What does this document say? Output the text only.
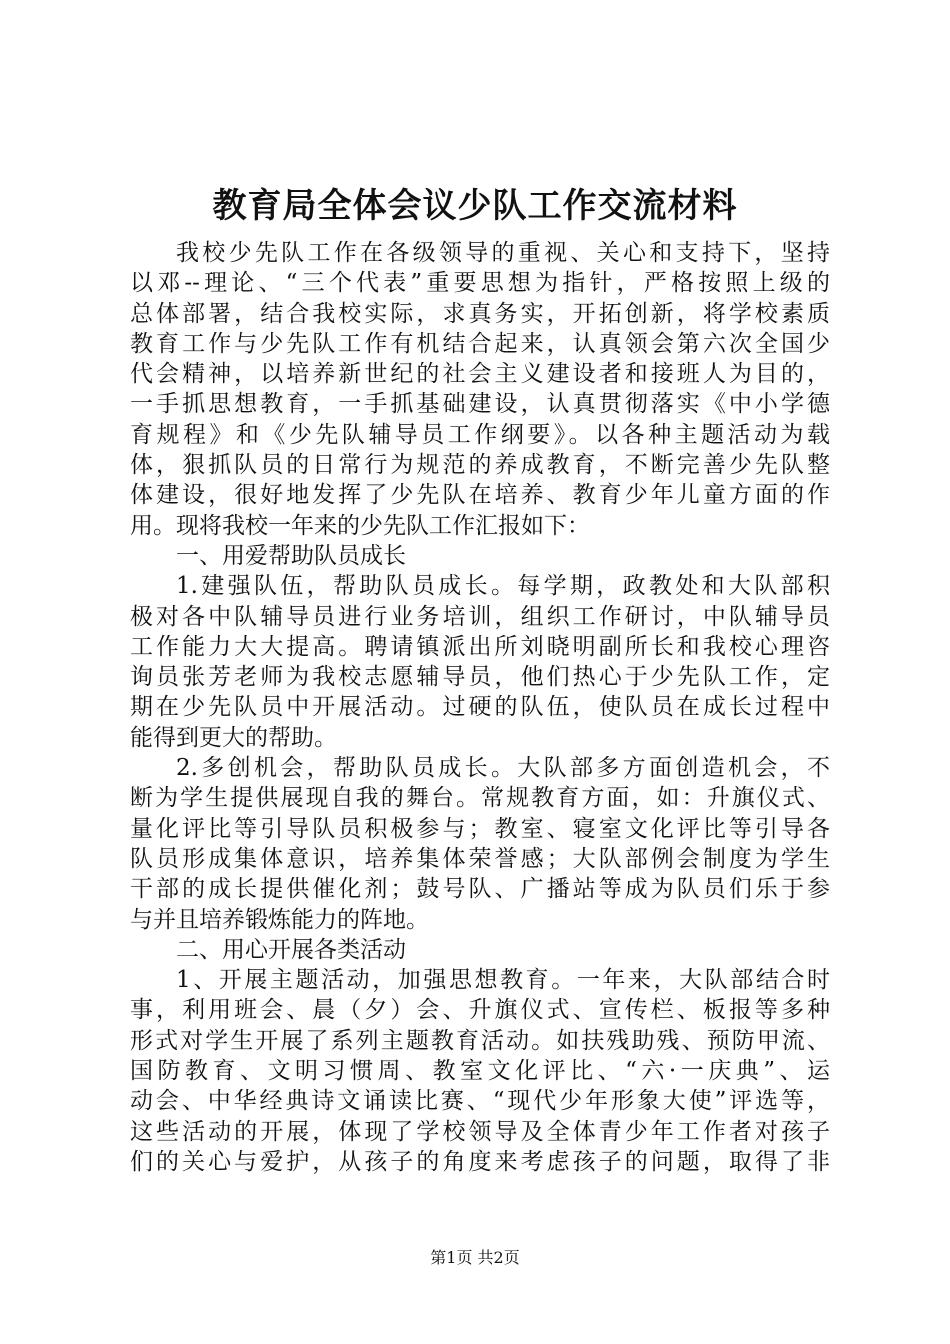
教育局全体会议少队工作交流材料
我校少先队工作在各级领导的重视、关心和支持下，坚持
以邓--理论、“三个代表”重要思想为指针，严格按照上级的
总体部署，结合我校实际，求真务实，开拓创新，将学校素质
教育工作与少先队工作有机结合起来，认真领会第六次全国少
代会精神，以培养新世纪的社会主义建设者和接班人为目的，
一手抓思想教育，一手抓基础建设，认真贯彻落实《中小学德
育规程》和《少先队辅导员工作纲要》。以各种主题活动为载
体，狠抓队员的日常行为规范的养成教育，不断完善少先队整
体建设，很好地发挥了少先队在培养、教育少年儿童方面的作
用。现将我校一年来的少先队工作汇报如下：
一、用爱帮助队员成长
1.建强队伍，帮助队员成长。每学期，政教处和大队部积
极对各中队辅导员进行业务培训，组织工作研讨，中队辅导员
工作能力大大提高。聘请镇派出所刘晓明副所长和我校心理咨
询员张芳老师为我校志愿辅导员，他们热心于少先队工作，定
期在少先队员中开展活动。过硬的队伍，使队员在成长过程中
能得到更大的帮助。
2.多创机会，帮助队员成长。大队部多方面创造机会，不
断为学生提供展现自我的舞台。常规教育方面，如：升旗仪式、
量化评比等引导队员积极参与；教室、寝室文化评比等引导各
队员形成集体意识，培养集体荣誉感；大队部例会制度为学生
干部的成长提供催化剂；鼓号队、广播站等成为队员们乐于参
与并且培养锻炼能力的阵地。
二、用心开展各类活动
1、开展主题活动，加强思想教育。一年来，大队部结合时
事，利用班会、晨（夕）会、升旗仪式、宣传栏、板报等多种
形式对学生开展了系列主题教育活动。如扶残助残、预防甲流、
国防教育、文明习惯周、教室文化评比、“六·一庆典”、运
动会、中华经典诗文诵读比赛、“现代少年形象大使”评选等，
这些活动的开展，体现了学校领导及全体青少年工作者对孩子
们的关心与爱护，从孩子的角度来考虑孩子的问题，取得了非
第1页 共2页
